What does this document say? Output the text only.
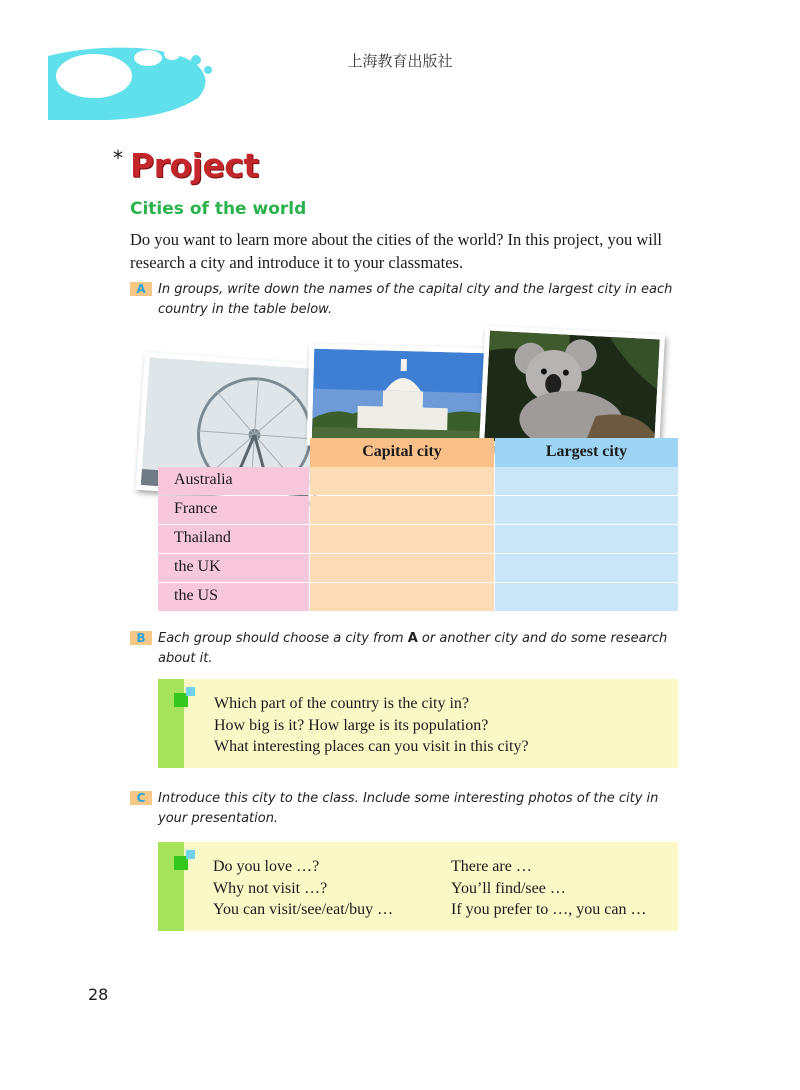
上海教育出版社
* Project
Cities of the world
Do you want to learn more about the cities of the world? In this project, you will research a city and introduce it to your classmates.
A In groups, write down the names of the capital city and the largest city in each country in the table below.
Capital city	Largest city
Australia
France
Thailand
the UK
the US
B Each group should choose a city from A or another city and do some research about it.
Which part of the country is the city in?
How big is it? How large is its population?
What interesting places can you visit in this city?
C Introduce this city to the class. Include some interesting photos of the city in your presentation.
Do you love …?
Why not visit …?
You can visit/see/eat/buy …
There are …
You’ll find/see …
If you prefer to …, you can …
28
